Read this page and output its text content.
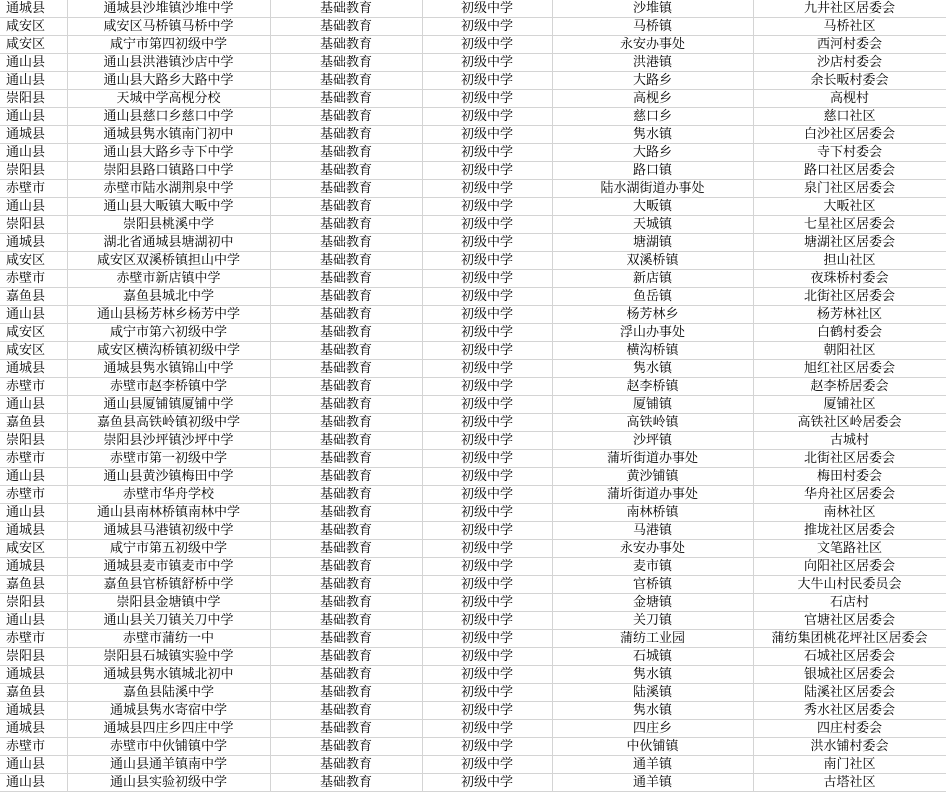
通城县	通城县沙堆镇沙堆中学	基础教育	初级中学	沙堆镇	九井社区居委会
咸安区	咸安区马桥镇马桥中学	基础教育	初级中学	马桥镇	马桥社区
咸安区	咸宁市第四初级中学	基础教育	初级中学	永安办事处	西河村委会
通山县	通山县洪港镇沙店中学	基础教育	初级中学	洪港镇	沙店村委会
通山县	通山县大路乡大路中学	基础教育	初级中学	大路乡	余长畈村委会
崇阳县	天城中学高枧分校	基础教育	初级中学	高枧乡	高枧村
通山县	通山县慈口乡慈口中学	基础教育	初级中学	慈口乡	慈口社区
通城县	通城县隽水镇南门初中	基础教育	初级中学	隽水镇	白沙社区居委会
通山县	通山县大路乡寺下中学	基础教育	初级中学	大路乡	寺下村委会
崇阳县	崇阳县路口镇路口中学	基础教育	初级中学	路口镇	路口社区居委会
赤壁市	赤壁市陆水湖荆泉中学	基础教育	初级中学	陆水湖街道办事处	泉门社区居委会
通山县	通山县大畈镇大畈中学	基础教育	初级中学	大畈镇	大畈社区
崇阳县	崇阳县桃溪中学	基础教育	初级中学	天城镇	七星社区居委会
通城县	湖北省通城县塘湖初中	基础教育	初级中学	塘湖镇	塘湖社区居委会
咸安区	咸安区双溪桥镇担山中学	基础教育	初级中学	双溪桥镇	担山社区
赤壁市	赤壁市新店镇中学	基础教育	初级中学	新店镇	夜珠桥村委会
嘉鱼县	嘉鱼县城北中学	基础教育	初级中学	鱼岳镇	北街社区居委会
通山县	通山县杨芳林乡杨芳中学	基础教育	初级中学	杨芳林乡	杨芳林社区
咸安区	咸宁市第六初级中学	基础教育	初级中学	浮山办事处	白鹤村委会
咸安区	咸安区横沟桥镇初级中学	基础教育	初级中学	横沟桥镇	朝阳社区
通城县	通城县隽水镇锦山中学	基础教育	初级中学	隽水镇	旭红社区居委会
赤壁市	赤壁市赵李桥镇中学	基础教育	初级中学	赵李桥镇	赵李桥居委会
通山县	通山县厦铺镇厦铺中学	基础教育	初级中学	厦铺镇	厦铺社区
嘉鱼县	嘉鱼县高铁岭镇初级中学	基础教育	初级中学	高铁岭镇	高铁社区岭居委会
崇阳县	崇阳县沙坪镇沙坪中学	基础教育	初级中学	沙坪镇	古城村
赤壁市	赤壁市第一初级中学	基础教育	初级中学	蒲圻街道办事处	北街社区居委会
通山县	通山县黄沙镇梅田中学	基础教育	初级中学	黄沙铺镇	梅田村委会
赤壁市	赤壁市华舟学校	基础教育	初级中学	蒲圻街道办事处	华舟社区居委会
通山县	通山县南林桥镇南林中学	基础教育	初级中学	南林桥镇	南林社区
通城县	通城县马港镇初级中学	基础教育	初级中学	马港镇	推垅社区居委会
咸安区	咸宁市第五初级中学	基础教育	初级中学	永安办事处	文笔路社区
通城县	通城县麦市镇麦市中学	基础教育	初级中学	麦市镇	向阳社区居委会
嘉鱼县	嘉鱼县官桥镇舒桥中学	基础教育	初级中学	官桥镇	大牛山村民委员会
崇阳县	崇阳县金塘镇中学	基础教育	初级中学	金塘镇	石店村
通山县	通山县关刀镇关刀中学	基础教育	初级中学	关刀镇	官塘社区居委会
赤壁市	赤壁市蒲纺一中	基础教育	初级中学	蒲纺工业园	蒲纺集团桃花坪社区居委会
崇阳县	崇阳县石城镇实验中学	基础教育	初级中学	石城镇	石城社区居委会
通城县	通城县隽水镇城北初中	基础教育	初级中学	隽水镇	银城社区居委会
嘉鱼县	嘉鱼县陆溪中学	基础教育	初级中学	陆溪镇	陆溪社区居委会
通城县	通城县隽水寄宿中学	基础教育	初级中学	隽水镇	秀水社区居委会
通城县	通城县四庄乡四庄中学	基础教育	初级中学	四庄乡	四庄村委会
赤壁市	赤壁市中伙铺镇中学	基础教育	初级中学	中伙铺镇	洪水铺村委会
通山县	通山县通羊镇南中学	基础教育	初级中学	通羊镇	南门社区
通山县	通山县实验初级中学	基础教育	初级中学	通羊镇	古塔社区
